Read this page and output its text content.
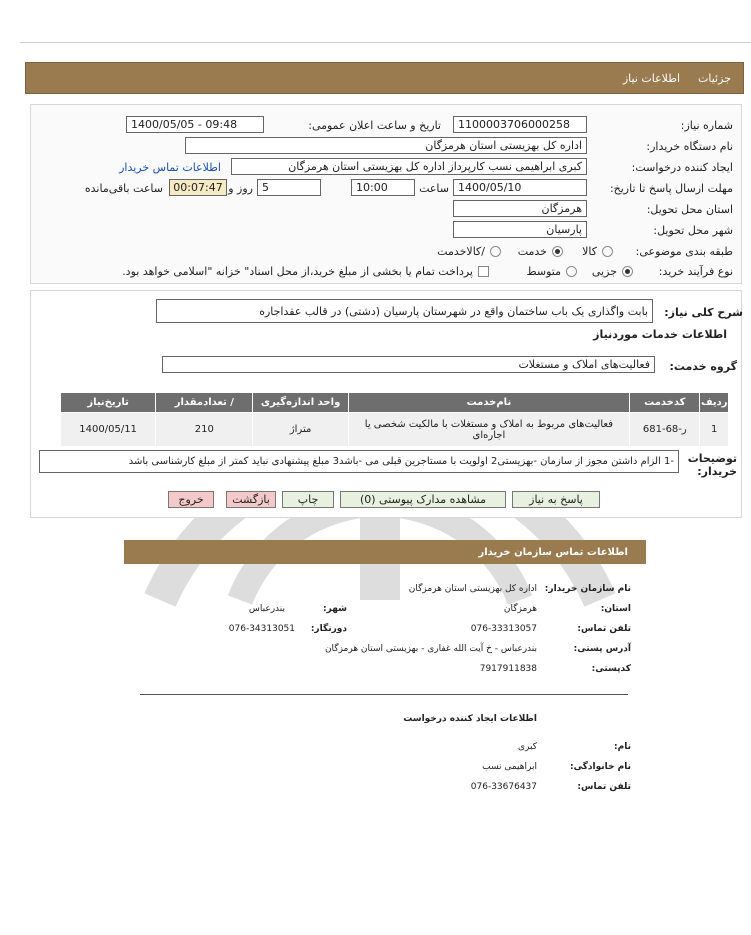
جزئیات
اطلاعات نیاز
شماره نیاز:
1100003706000258
تاریخ و ساعت اعلان عمومی:
1400/05/05 - 09:48
نام دستگاه خریدار:
اداره کل بهزیستی استان هرمزگان
ایجاد کننده درخواست:
کبری ابراهیمی نسب کارپرداز اداره کل بهزیستی استان هرمزگان
اطلاعات تماس خریدار
مهلت ارسال پاسخ تا تاریخ:
1400/05/10
ساعت
10:00
5
روز و
00:07:47
ساعت باقی‌مانده
استان محل تحویل:
هرمزگان
شهر محل تحویل:
پارسیان
طبقه بندی موضوعی:
کالا
خدمت
/کالاخدمت
نوع فرآیند خرید:
جزیی
متوسط
پرداخت تمام یا بخشی از مبلغ خرید،از محل اسناد" خزانه "اسلامی خواهد بود.
شرح کلی نیاز:
بابت واگذاری یک باب ساختمان واقع در شهرستان پارسیان (دشتی) در قالب عقداجاره
اطلاعات خدمات موردنیاز
گروه خدمت:
فعالیت‌های املاک و مستغلات
ردیف	کدخدمت	نام‌خدمت	واحد اندازه‌گیری	/ تعدادمقدار	تاریخ‌نیاز
1	ر-68-681	فعالیت‌های مربوط به املاک و مستغلات با مالکیت شخصی یا اجاره‌ای	متراژ	210	1400/05/11
توضیحات خریدار:
-1 الزام داشتن مجوز از سازمان -بهزیستی2 اولویت با مستاجرین قبلی می -باشد3 مبلغ پیشنهادی نباید کمتر از مبلغ کارشناسی باشد
پاسخ به نیاز
مشاهده مدارک پیوستی (0)
چاپ
بازگشت
خروج
اطلاعات تماس سازمان خریدار
نام سازمان خریدار:
اداره کل بهزیستی استان هرمزگان
استان:
هرمزگان
شهر:
بندرعباس
تلفن تماس:
076-33313057
دورنگار:
076-34313051
آدرس پستی:
بندرعباس - خ آیت الله غفاری - بهزیستی استان هرمزگان
کدپستی:
7917911838
اطلاعات ایجاد کننده درخواست
نام:
کبری
نام خانوادگی:
ابراهیمی نسب
تلفن تماس:
076-33676437
